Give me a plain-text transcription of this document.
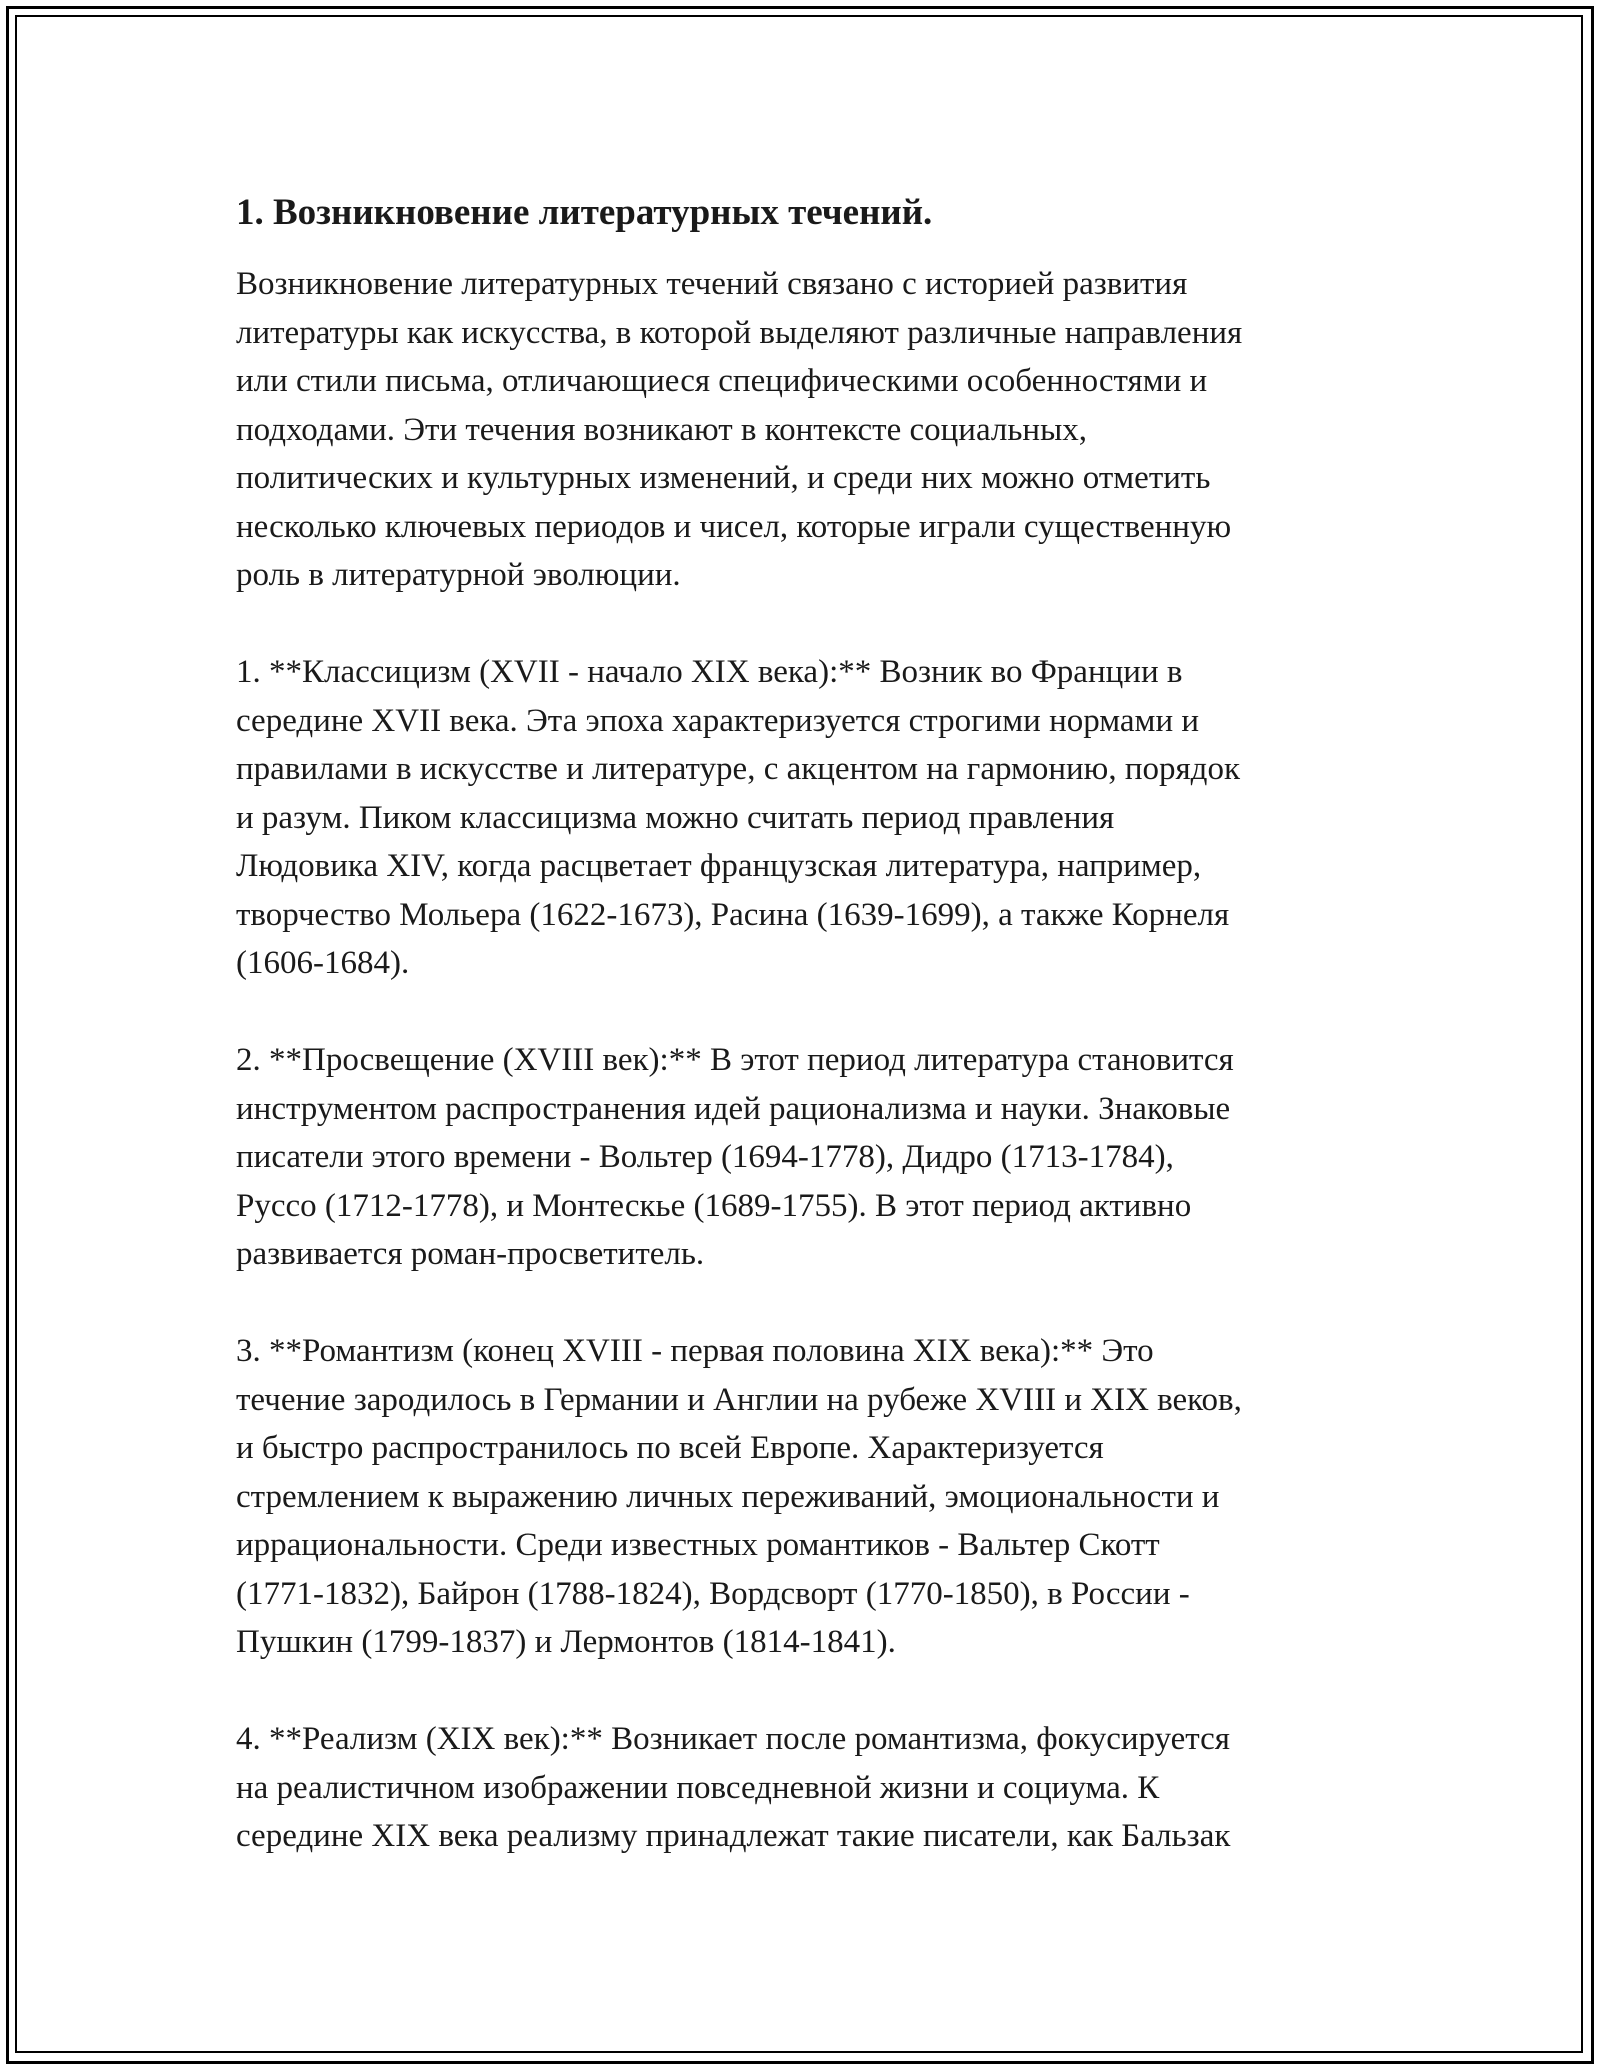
1. Возникновение литературных течений.
Возникновение литературных течений связано с историей развития
литературы как искусства, в которой выделяют различные направления
или стили письма, отличающиеся специфическими особенностями и
подходами. Эти течения возникают в контексте социальных,
политических и культурных изменений, и среди них можно отметить
несколько ключевых периодов и чисел, которые играли существенную
роль в литературной эволюции.
1. **Классицизм (XVII - начало XIX века):** Возник во Франции в
середине XVII века. Эта эпоха характеризуется строгими нормами и
правилами в искусстве и литературе, с акцентом на гармонию, порядок
и разум. Пиком классицизма можно считать период правления
Людовика XIV, когда расцветает французская литература, например,
творчество Мольера (1622-1673), Расина (1639-1699), а также Корнеля
(1606-1684).
2. **Просвещение (XVIII век):** В этот период литература становится
инструментом распространения идей рационализма и науки. Знаковые
писатели этого времени - Вольтер (1694-1778), Дидро (1713-1784),
Руссо (1712-1778), и Монтескье (1689-1755). В этот период активно
развивается роман-просветитель.
3. **Романтизм (конец XVIII - первая половина XIX века):** Это
течение зародилось в Германии и Англии на рубеже XVIII и XIX веков,
и быстро распространилось по всей Европе. Характеризуется
стремлением к выражению личных переживаний, эмоциональности и
иррациональности. Среди известных романтиков - Вальтер Скотт
(1771-1832), Байрон (1788-1824), Вордсворт (1770-1850), в России -
Пушкин (1799-1837) и Лермонтов (1814-1841).
4. **Реализм (XIX век):** Возникает после романтизма, фокусируется
на реалистичном изображении повседневной жизни и социума. К
середине XIX века реализму принадлежат такие писатели, как Бальзак
